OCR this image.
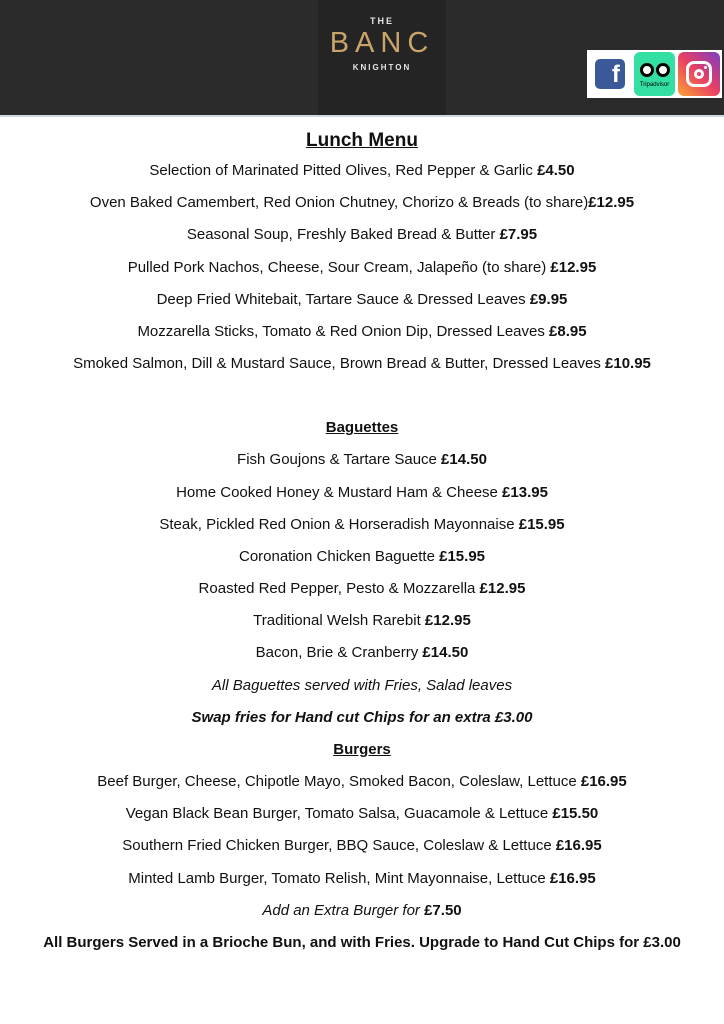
THE
BANC
KNIGHTON	f	Tripadvisor
Lunch Menu
Selection of Marinated Pitted Olives, Red Pepper & Garlic £4.50
Oven Baked Camembert, Red Onion Chutney, Chorizo & Breads (to share)£12.95
Seasonal Soup, Freshly Baked Bread & Butter £7.95
Pulled Pork Nachos, Cheese, Sour Cream, Jalapeño (to share) £12.95
Deep Fried Whitebait, Tartare Sauce & Dressed Leaves £9.95
Mozzarella Sticks, Tomato & Red Onion Dip, Dressed Leaves £8.95
Smoked Salmon, Dill & Mustard Sauce, Brown Bread & Butter, Dressed Leaves £10.95
Baguettes
Fish Goujons & Tartare Sauce £14.50
Home Cooked Honey & Mustard Ham & Cheese £13.95
Steak, Pickled Red Onion & Horseradish Mayonnaise £15.95
Coronation Chicken Baguette £15.95
Roasted Red Pepper, Pesto & Mozzarella £12.95
Traditional Welsh Rarebit £12.95
Bacon, Brie & Cranberry £14.50
All Baguettes served with Fries, Salad leaves
Swap fries for Hand cut Chips for an extra £3.00
Burgers
Beef Burger, Cheese, Chipotle Mayo, Smoked Bacon, Coleslaw, Lettuce £16.95
Vegan Black Bean Burger, Tomato Salsa, Guacamole & Lettuce £15.50
Southern Fried Chicken Burger, BBQ Sauce, Coleslaw & Lettuce £16.95
Minted Lamb Burger, Tomato Relish, Mint Mayonnaise, Lettuce £16.95
Add an Extra Burger for £7.50
All Burgers Served in a Brioche Bun, and with Fries. Upgrade to Hand Cut Chips for £3.00
